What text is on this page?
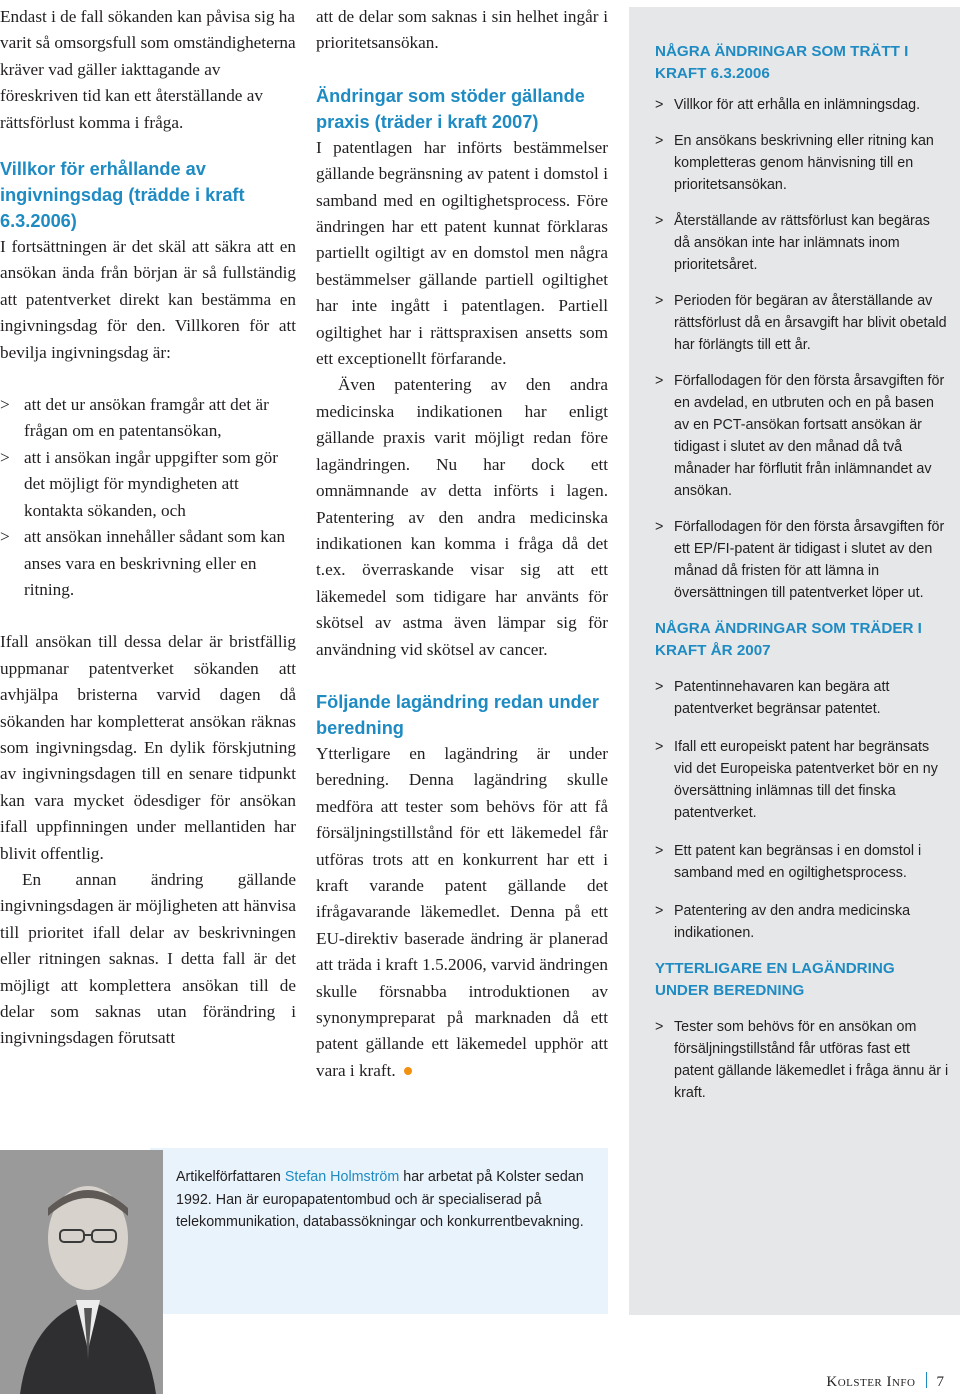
Endast i de fall sökanden kan påvisa sig ha varit så omsorgsfull som omständigheterna kräver vad gäller iakttagande av föreskriven tid kan ett återställande av rättsförlust komma i fråga.

Villkor för erhållande av ingivningsdag (trädde i kraft 6.3.2006)

I fortsättningen är det skäl att säkra att en ansökan ända från början är så fullständig att patentverket direkt kan bestämma en ingivningsdag för den. Villkoren för att bevilja ingivningsdag är:

> att det ur ansökan framgår att det är frågan om en patentansökan,
> att i ansökan ingår uppgifter som gör det möjligt för myndigheten att kontakta sökanden, och
> att ansökan innehåller sådant som kan anses vara en beskrivning eller en ritning.

Ifall ansökan till dessa delar är bristfällig uppmanar patentverket sökanden att avhjälpa bristerna varvid dagen då sökanden har kompletterat ansökan räknas som ingivningsdag. En dylik förskjutning av ingivningsdagen till en senare tidpunkt kan vara mycket ödesdiger för ansökan ifall uppfinningen under mellantiden har blivit offentlig.

En annan ändring gällande ingivningsdagen är möjligheten att hänvisa till prioritet ifall delar av beskrivningen eller ritningen saknas. I detta fall är det möjligt att komplettera ansökan till de delar som saknas utan förändring i ingivningsdagen förutsatt

att de delar som saknas i sin helhet ingår i prioritetsansökan.

Ändringar som stöder gällande praxis (träder i kraft 2007)

I patentlagen har införts bestämmelser gällande begränsning av patent i domstol i samband med en ogiltighetsprocess. Före ändringen har ett patent kunnat förklaras partiellt ogiltigt av en domstol men några bestämmelser gällande partiell ogiltighet har inte ingått i patentlagen. Partiell ogiltighet har i rättspraxisen ansetts som ett exceptionellt förfarande.

Även patentering av den andra medicinska indikationen har enligt gällande praxis varit möjligt redan före lagändringen. Nu har dock ett omnämnande av detta införts i lagen. Patentering av den andra medicinska indikationen kan komma i fråga då det t.ex. överraskande visar sig att ett läkemedel som tidigare har använts för skötsel av astma även lämpar sig för användning vid skötsel av cancer.

Följande lagändring redan under beredning

Ytterligare en lagändring är under beredning. Denna lagändring skulle medföra att tester som behövs för att få försäljningstillstånd för ett läkemedel får utföras trots att en konkurrent har ett i kraft varande patent gällande det ifrågavarande läkemedlet. Denna på ett EU-direktiv baserade ändring är planerad att träda i kraft 1.5.2006, varvid ändringen skulle försnabba introduktionen av synonympreparat på marknaden då ett patent gällande ett läkemedel upphör att vara i kraft.

Artikelförfattaren Stefan Holmström har arbetat på Kolster sedan 1992. Han är europapatentombud och är specialiserad på telekommunikation, databassökningar och konkurrentbevakning.

NÅGRA ÄNDRINGAR SOM TRÄTT I KRAFT 6.3.2006
> Villkor för att erhålla en inlämningsdag.
> En ansökans beskrivning eller ritning kan kompletteras genom hänvisning till en prioritetsansökan.
> Återställande av rättsförlust kan begäras då ansökan inte har inlämnats inom prioritetsåret.
> Perioden för begäran av återställande av rättsförlust då en årsavgift har blivit obetald har förlängts till ett år.
> Förfallodagen för den första årsavgiften för en avdelad, en utbruten och en på basen av en PCT-ansökan fortsatt ansökan är tidigast i slutet av den månad då två månader har förflutit från inlämnandet av ansökan.
> Förfallodagen för den första årsavgiften för ett EP/FI-patent är tidigast i slutet av den månad då fristen för att lämna in översättningen till patentverket löper ut.
NÅGRA ÄNDRINGAR SOM TRÄDER I KRAFT ÅR 2007
> Patentinnehavaren kan begära att patentverket begränsar patentet.
> Ifall ett europeiskt patent har begränsats vid det Europeiska patentverket bör en ny översättning inlämnas till det finska patentverket.
> Ett patent kan begränsas i en domstol i samband med en ogiltighetsprocess.
> Patentering av den andra medicinska indikationen.
YTTERLIGARE EN LAGÄNDRING UNDER BEREDNING
> Tester som behövs för en ansökan om försäljningstillstånd får utföras fast ett patent gällande läkemedlet i fråga ännu är i kraft.
Kolster Info 7
